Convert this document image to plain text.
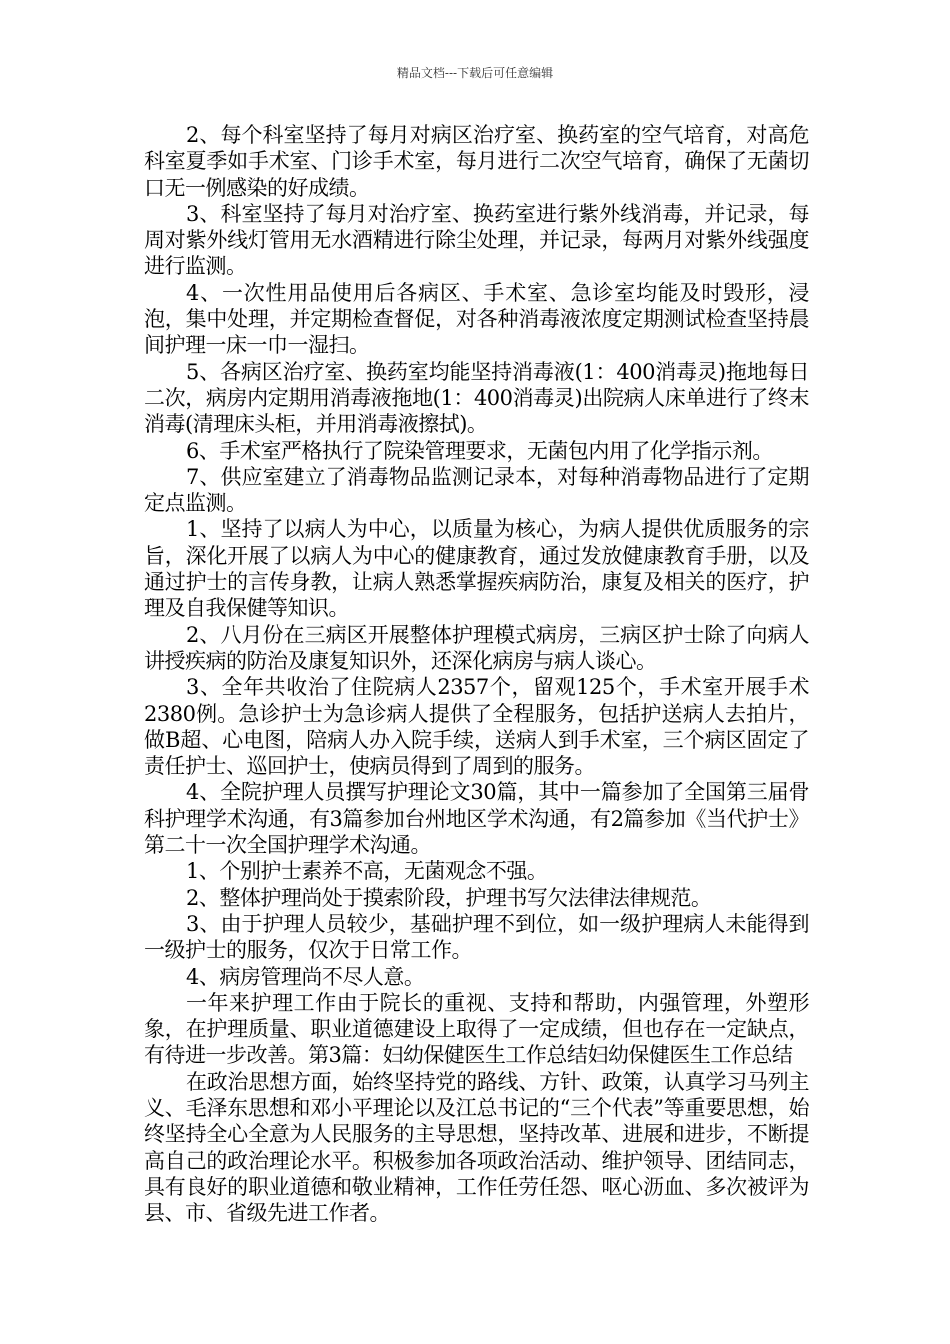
精品文档---下载后可任意编辑

2、每个科室坚持了每月对病区治疗室、换药室的空气培育，对高危科室夏季如手术室、门诊手术室，每月进行二次空气培育，确保了无菌切口无一例感染的好成绩。

3、科室坚持了每月对治疗室、换药室进行紫外线消毒，并记录，每周对紫外线灯管用无水酒精进行除尘处理，并记录，每两月对紫外线强度进行监测。

4、一次性用品使用后各病区、手术室、急诊室均能及时毁形，浸泡，集中处理，并定期检查督促，对各种消毒液浓度定期测试检查坚持晨间护理一床一巾一湿扫。

5、各病区治疗室、换药室均能坚持消毒液(1：400消毒灵)拖地每日二次，病房内定期用消毒液拖地(1：400消毒灵)出院病人床单进行了终末消毒(清理床头柜，并用消毒液擦拭)。

6、手术室严格执行了院染管理要求，无菌包内用了化学指示剂。

7、供应室建立了消毒物品监测记录本，对每种消毒物品进行了定期定点监测。

1、坚持了以病人为中心，以质量为核心，为病人提供优质服务的宗旨，深化开展了以病人为中心的健康教育，通过发放健康教育手册，以及通过护士的言传身教，让病人熟悉掌握疾病防治，康复及相关的医疗，护理及自我保健等知识。

2、八月份在三病区开展整体护理模式病房，三病区护士除了向病人讲授疾病的防治及康复知识外，还深化病房与病人谈心。

3、全年共收治了住院病人2357个，留观125个，手术室开展手术2380例。急诊护士为急诊病人提供了全程服务，包括护送病人去拍片，做B超、心电图，陪病人办入院手续，送病人到手术室，三个病区固定了责任护士、巡回护士，使病员得到了周到的服务。

4、全院护理人员撰写护理论文30篇，其中一篇参加了全国第三届骨科护理学术沟通，有3篇参加台州地区学术沟通，有2篇参加《当代护士》第二十一次全国护理学术沟通。

1、个别护士素养不高，无菌观念不强。

2、整体护理尚处于摸索阶段，护理书写欠法律法律规范。

3、由于护理人员较少，基础护理不到位，如一级护理病人未能得到一级护士的服务，仅次于日常工作。

4、病房管理尚不尽人意。

一年来护理工作由于院长的重视、支持和帮助，内强管理，外塑形象，在护理质量、职业道德建设上取得了一定成绩，但也存在一定缺点，有待进一步改善。第3篇：妇幼保健医生工作总结妇幼保健医生工作总结

在政治思想方面，始终坚持党的路线、方针、政策，认真学习马列主义、毛泽东思想和邓小平理论以及江总书记的“三个代表”等重要思想，始终坚持全心全意为人民服务的主导思想，坚持改革、进展和进步，不断提高自己的政治理论水平。积极参加各项政治活动、维护领导、团结同志，具有良好的职业道德和敬业精神，工作任劳任怨、呕心沥血、多次被评为县、市、省级先进工作者。
